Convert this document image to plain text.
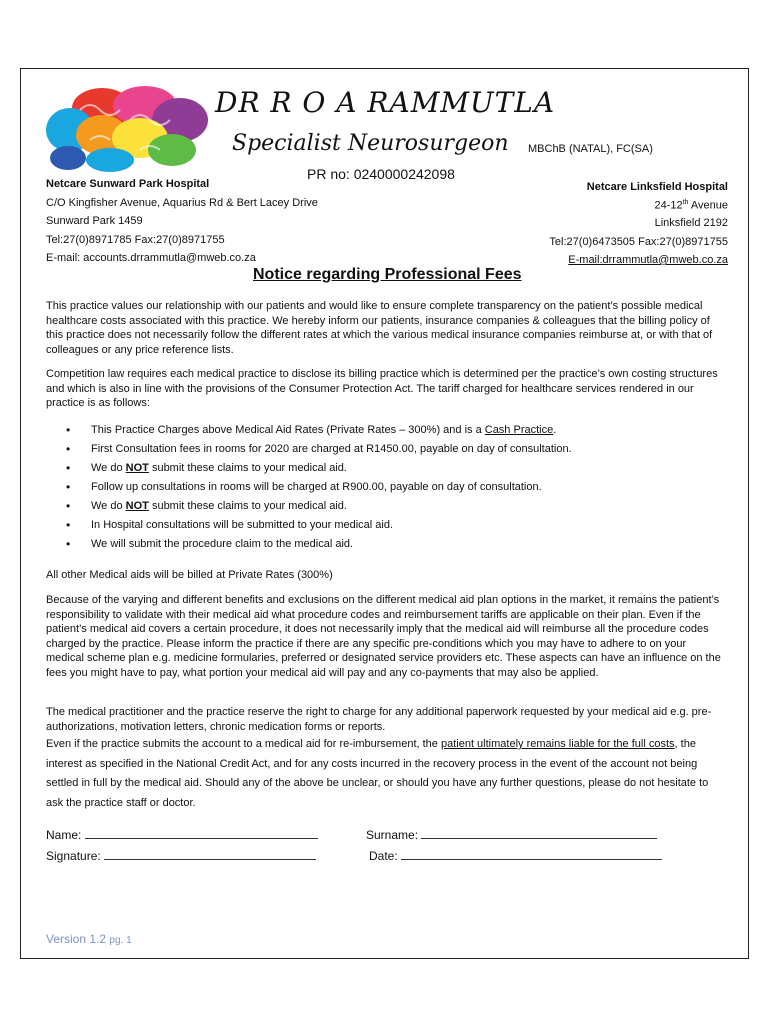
DR R O A RAMMUTLA
Specialist Neurosurgeon MBChB (NATAL), FC(SA)
PR no: 0240000242098
Netcare Sunward Park Hospital
C/O Kingfisher Avenue, Aquarius Rd & Bert Lacey Drive
Sunward Park 1459
Tel:27(0)8971785 Fax:27(0)8971755
E-mail: accounts.drrammutla@mweb.co.za
Netcare Linksfield Hospital
24-12th Avenue
Linksfield 2192
Tel:27(0)6473505 Fax:27(0)8971755
E-mail:drrammutla@mweb.co.za
Notice regarding Professional Fees

This practice values our relationship with our patients and would like to ensure complete transparency on the patient’s possible medical healthcare costs associated with this practice. We hereby inform our patients, insurance companies & colleagues that the billing policy of this practice does not necessarily follow the different rates at which the various medical insurance companies reimburse at, or with that of colleagues or any price reference lists.

Competition law requires each medical practice to disclose its billing practice which is determined per the practice’s own costing structures and which is also in line with the provisions of the Consumer Protection Act. The tariff charged for healthcare services rendered in our practice is as follows:

• This Practice Charges above Medical Aid Rates (Private Rates – 300%) and is a Cash Practice.
• First Consultation fees in rooms for 2020 are charged at R1450.00, payable on day of consultation.
• We do NOT submit these claims to your medical aid.
• Follow up consultations in rooms will be charged at R900.00, payable on day of consultation.
• We do NOT submit these claims to your medical aid.
• In Hospital consultations will be submitted to your medical aid.
• We will submit the procedure claim to the medical aid.
All other Medical aids will be billed at Private Rates (300%)

Because of the varying and different benefits and exclusions on the different medical aid plan options in the market, it remains the patient’s responsibility to validate with their medical aid what procedure codes and reimbursement tariffs are applicable on their plan. Even if the patient’s medical aid covers a certain procedure, it does not necessarily imply that the medical aid will reimburse all the procedure codes charged by the practice. Please inform the practice if there are any specific pre-conditions which you may have to adhere to on your medical scheme plan e.g. medicine formularies, preferred or designated service providers etc. These aspects can have an influence on the fees you might have to pay, what portion your medical aid will pay and any co-payments that may also be applied.

The medical practitioner and the practice reserve the right to charge for any additional paperwork requested by your medical aid e.g. pre-authorizations, motivation letters, chronic medication forms or reports.

Even if the practice submits the account to a medical aid for re-imbursement, the patient ultimately remains liable for the full costs, the interest as specified in the National Credit Act, and for any costs incurred in the recovery process in the event of the account not being settled in full by the medical aid. Should any of the above be unclear, or should you have any further questions, please do not hesitate to ask the practice staff or doctor.

Name:	Surname:
Signature:	Date:
Version 1.2 pg. 1
